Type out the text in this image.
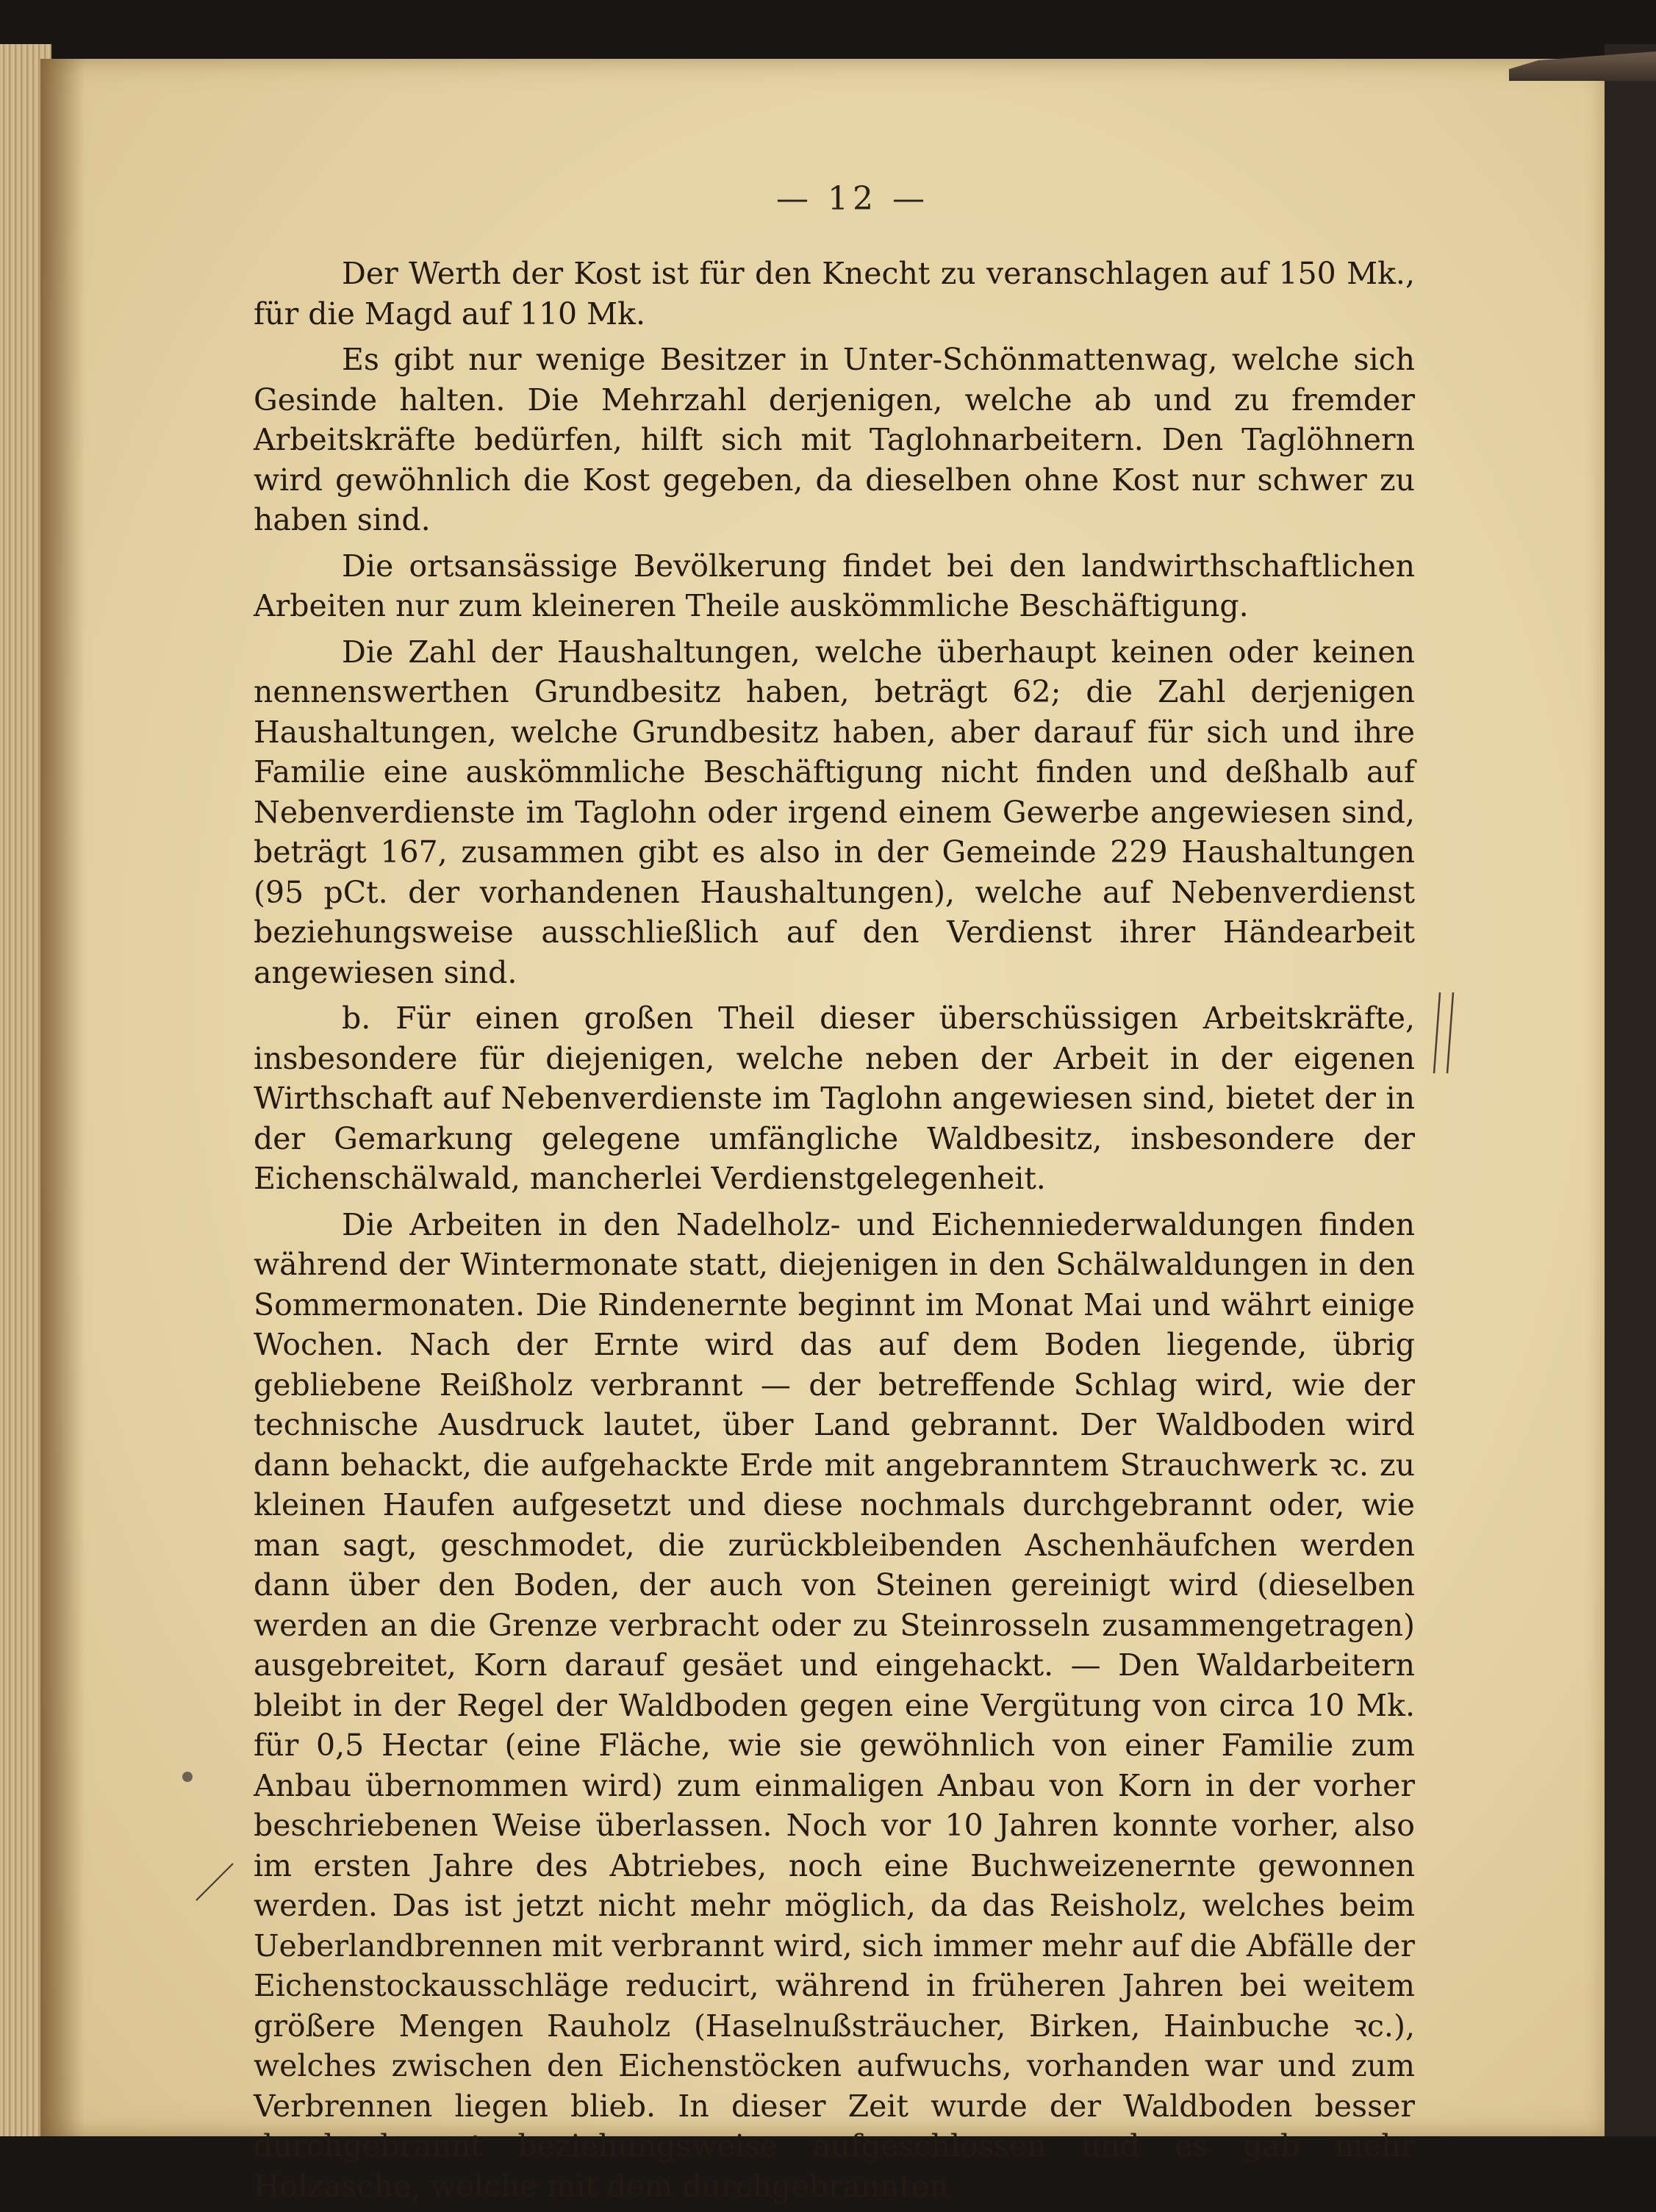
— 12 —

Der Werth der Kost ist für den Knecht zu veranschlagen auf 150 Mk., für die Magd auf 110 Mk.

Es gibt nur wenige Besitzer in Unter-Schönmattenwag, welche sich Gesinde halten. Die Mehrzahl derjenigen, welche ab und zu fremder Arbeitskräfte bedürfen, hilft sich mit Taglohnarbeitern. Den Taglöhnern wird gewöhnlich die Kost gegeben, da dieselben ohne Kost nur schwer zu haben sind.

Die ortsansässige Bevölkerung findet bei den landwirthschaftlichen Arbeiten nur zum kleineren Theile auskömmliche Beschäftigung.

Die Zahl der Haushaltungen, welche überhaupt keinen oder keinen nennenswerthen Grundbesitz haben, beträgt 62; die Zahl derjenigen Haushaltungen, welche Grundbesitz haben, aber darauf für sich und ihre Familie eine auskömmliche Beschäftigung nicht finden und deßhalb auf Nebenverdienste im Taglohn oder irgend einem Gewerbe angewiesen sind, beträgt 167, zusammen gibt es also in der Gemeinde 229 Haushaltungen (95 pCt. der vorhandenen Haushaltungen), welche auf Nebenverdienst beziehungsweise ausschließlich auf den Verdienst ihrer Händearbeit angewiesen sind.

b. Für einen großen Theil dieser überschüssigen Arbeitskräfte, insbesondere für diejenigen, welche neben der Arbeit in der eigenen Wirthschaft auf Nebenverdienste im Taglohn angewiesen sind, bietet der in der Gemarkung gelegene umfängliche Waldbesitz, insbesondere der Eichenschälwald, mancherlei Verdienstgelegenheit.

Die Arbeiten in den Nadelholz- und Eichenniederwaldungen finden während der Wintermonate statt, diejenigen in den Schälwaldungen in den Sommermonaten. Die Rindenernte beginnt im Monat Mai und währt einige Wochen. Nach der Ernte wird das auf dem Boden liegende, übrig gebliebene Reißholz verbrannt — der betreffende Schlag wird, wie der technische Ausdruck lautet, über Land gebrannt. Der Waldboden wird dann behackt, die aufgehackte Erde mit angebranntem Strauchwerk ꝛc. zu kleinen Haufen aufgesetzt und diese nochmals durchgebrannt oder, wie man sagt, geschmodet, die zurückbleibenden Aschenhäufchen werden dann über den Boden, der auch von Steinen gereinigt wird (dieselben werden an die Grenze verbracht oder zu Steinrosseln zusammengetragen) ausgebreitet, Korn darauf gesäet und eingehackt. — Den Waldarbeitern bleibt in der Regel der Waldboden gegen eine Vergütung von circa 10 Mk. für 0,5 Hectar (eine Fläche, wie sie gewöhnlich von einer Familie zum Anbau übernommen wird) zum einmaligen Anbau von Korn in der vorher beschriebenen Weise überlassen. Noch vor 10 Jahren konnte vorher, also im ersten Jahre des Abtriebes, noch eine Buchweizenernte gewonnen werden. Das ist jetzt nicht mehr möglich, da das Reisholz, welches beim Ueberlandbrennen mit verbrannt wird, sich immer mehr auf die Abfälle der Eichenstockausschläge reducirt, während in früheren Jahren bei weitem größere Mengen Rauholz (Haselnußsträucher, Birken, Hainbuche ꝛc.), welches zwischen den Eichenstöcken aufwuchs, vorhanden war und zum Verbrennen liegen blieb. In dieser Zeit wurde der Waldboden besser durchgebrannt beziehungsweise aufgeschlossen und es gab mehr Holzasche, welche mit dem durchgebrannten
